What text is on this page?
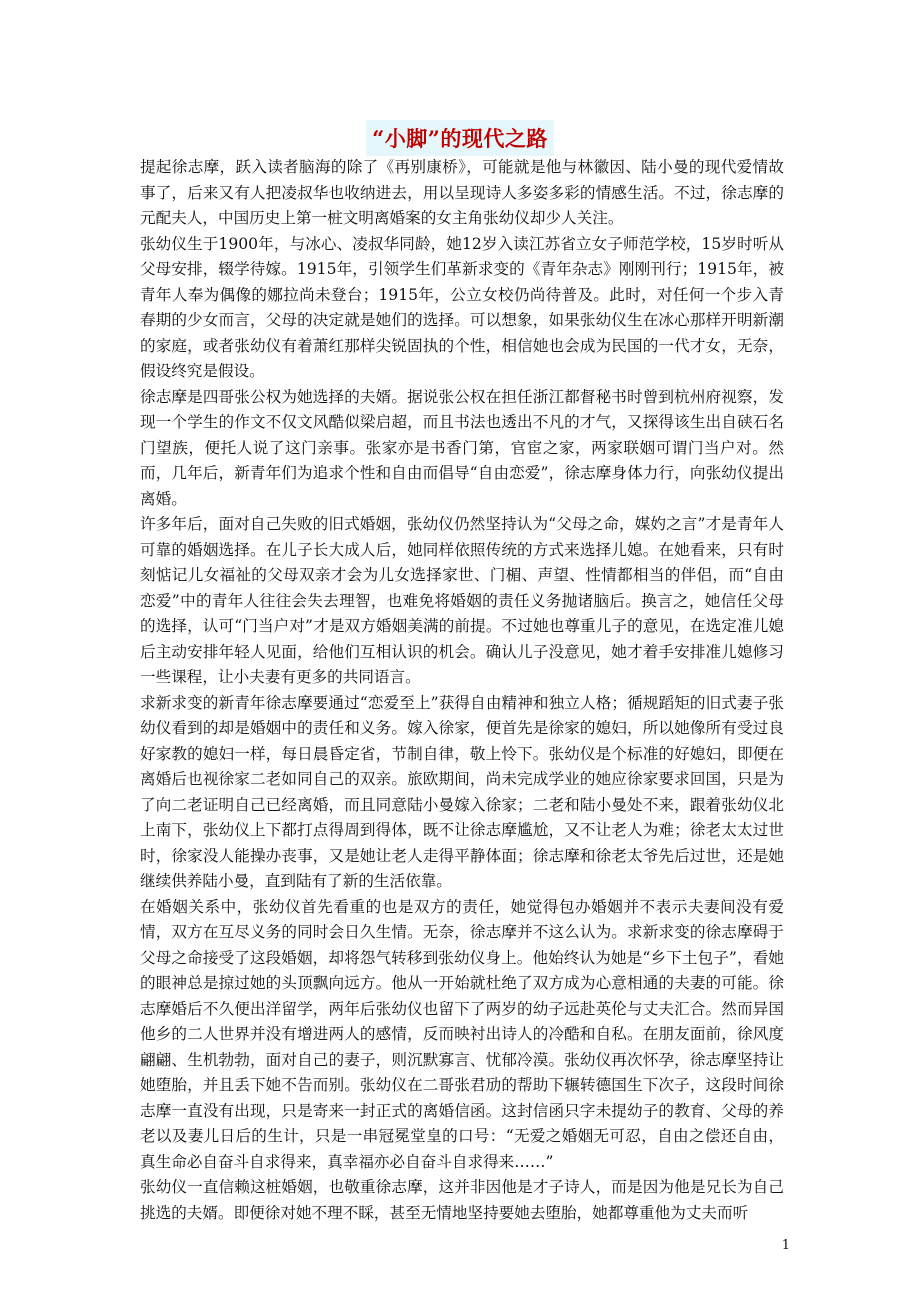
“小脚”的现代之路

提起徐志摩，跃入读者脑海的除了《再别康桥》，可能就是他与林徽因、陆小曼的现代爱情故事了，后来又有人把凌叔华也收纳进去，用以呈现诗人多姿多彩的情感生活。不过，徐志摩的元配夫人，中国历史上第一桩文明离婚案的女主角张幼仪却少人关注。

张幼仪生于1900年，与冰心、凌叔华同龄，她12岁入读江苏省立女子师范学校，15岁时听从父母安排，辍学待嫁。1915年，引领学生们革新求变的《青年杂志》刚刚刊行；1915年，被青年人奉为偶像的娜拉尚未登台；1915年，公立女校仍尚待普及。此时，对任何一个步入青春期的少女而言，父母的决定就是她们的选择。可以想象，如果张幼仪生在冰心那样开明新潮的家庭，或者张幼仪有着萧红那样尖锐固执的个性，相信她也会成为民国的一代才女，无奈，假设终究是假设。

徐志摩是四哥张公权为她选择的夫婿。据说张公权在担任浙江都督秘书时曾到杭州府视察，发现一个学生的作文不仅文风酷似梁启超，而且书法也透出不凡的才气，又探得该生出自硖石名门望族，便托人说了这门亲事。张家亦是书香门第，官宦之家，两家联姻可谓门当户对。然而，几年后，新青年们为追求个性和自由而倡导“自由恋爱”，徐志摩身体力行，向张幼仪提出离婚。

许多年后，面对自己失败的旧式婚姻，张幼仪仍然坚持认为“父母之命，媒妁之言”才是青年人可靠的婚姻选择。在儿子长大成人后，她同样依照传统的方式来选择儿媳。在她看来，只有时刻惦记儿女福祉的父母双亲才会为儿女选择家世、门楣、声望、性情都相当的伴侣，而“自由恋爱”中的青年人往往会失去理智，也难免将婚姻的责任义务抛诸脑后。换言之，她信任父母的选择，认可“门当户对”才是双方婚姻美满的前提。不过她也尊重儿子的意见，在选定准儿媳后主动安排年轻人见面，给他们互相认识的机会。确认儿子没意见，她才着手安排准儿媳修习一些课程，让小夫妻有更多的共同语言。

求新求变的新青年徐志摩要通过“恋爱至上”获得自由精神和独立人格；循规蹈矩的旧式妻子张幼仪看到的却是婚姻中的责任和义务。嫁入徐家，便首先是徐家的媳妇，所以她像所有受过良好家教的媳妇一样，每日晨昏定省，节制自律，敬上怜下。张幼仪是个标准的好媳妇，即便在离婚后也视徐家二老如同自己的双亲。旅欧期间，尚未完成学业的她应徐家要求回国，只是为了向二老证明自己已经离婚，而且同意陆小曼嫁入徐家；二老和陆小曼处不来，跟着张幼仪北上南下，张幼仪上下都打点得周到得体，既不让徐志摩尴尬，又不让老人为难；徐老太太过世时，徐家没人能操办丧事，又是她让老人走得平静体面；徐志摩和徐老太爷先后过世，还是她继续供养陆小曼，直到陆有了新的生活依靠。

在婚姻关系中，张幼仪首先看重的也是双方的责任，她觉得包办婚姻并不表示夫妻间没有爱情，双方在互尽义务的同时会日久生情。无奈，徐志摩并不这么认为。求新求变的徐志摩碍于父母之命接受了这段婚姻，却将怨气转移到张幼仪身上。他始终认为她是“乡下土包子”，看她的眼神总是掠过她的头顶飘向远方。他从一开始就杜绝了双方成为心意相通的夫妻的可能。徐志摩婚后不久便出洋留学，两年后张幼仪也留下了两岁的幼子远赴英伦与丈夫汇合。然而异国他乡的二人世界并没有增进两人的感情，反而映衬出诗人的冷酷和自私。在朋友面前，徐风度翩翩、生机勃勃，面对自己的妻子，则沉默寡言、忧郁冷漠。张幼仪再次怀孕，徐志摩坚持让她堕胎，并且丢下她不告而别。张幼仪在二哥张君劢的帮助下辗转德国生下次子，这段时间徐志摩一直没有出现，只是寄来一封正式的离婚信函。这封信函只字未提幼子的教育、父母的养老以及妻儿日后的生计，只是一串冠冕堂皇的口号：“无爱之婚姻无可忍，自由之偿还自由，真生命必自奋斗自求得来，真幸福亦必自奋斗自求得来……”

张幼仪一直信赖这桩婚姻，也敬重徐志摩，这并非因他是才子诗人，而是因为他是兄长为自己挑选的夫婿。即便徐对她不理不睬，甚至无情地坚持要她去堕胎，她都尊重他为丈夫而听

1
